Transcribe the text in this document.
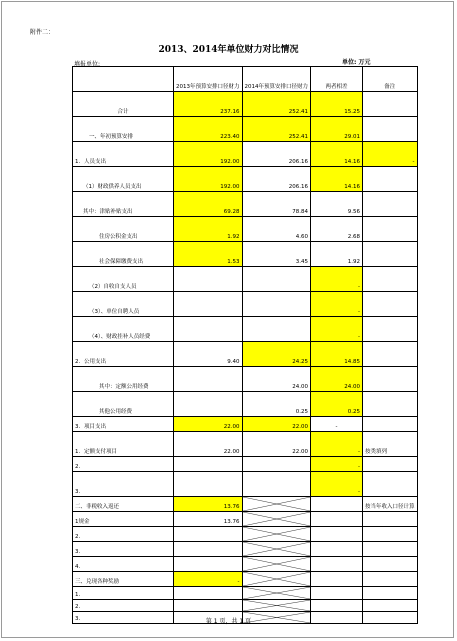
附件二：
2013、2014年单位财力对比情况
填报单位:	单位: 万元
	2013年预算安排口径财力	2014年预算安排口径财力	两者相差	备注
合计	237.16	252.41	15.25	
一、年初预算安排	223.40	252.41	29.01	
1．人员支出	192.00	206.16	14.16	-
（1）财政供养人员支出	192.00	206.16	14.16	
其中：津贴补贴支出	69.28	78.84	9.56	
住房公积金支出	1.92	4.60	2.68	
社会保障缴费支出	1.53	3.45	1.92	
（2）自收自支人员			-	
（3）、单位自聘人员			-	
（4）、财政挂补人员经费			-	
2．公用支出	9.40	24.25	14.85	
其中：定额公用经费		24.00	24.00	
其他公用经费		0.25	0.25	
3．项目支出	22.00	22.00	-	
1．定额支付项目	22.00	22.00	-	按类填列
2．			-	
3．			-	
二、非税收入返还	13.76			按当年收入口径计算
1规金	13.76	

2．		

3．		

4．		

三、兑现各种奖励	-	

1．		

2．		

3．		
			第 1 页，共 1 页
